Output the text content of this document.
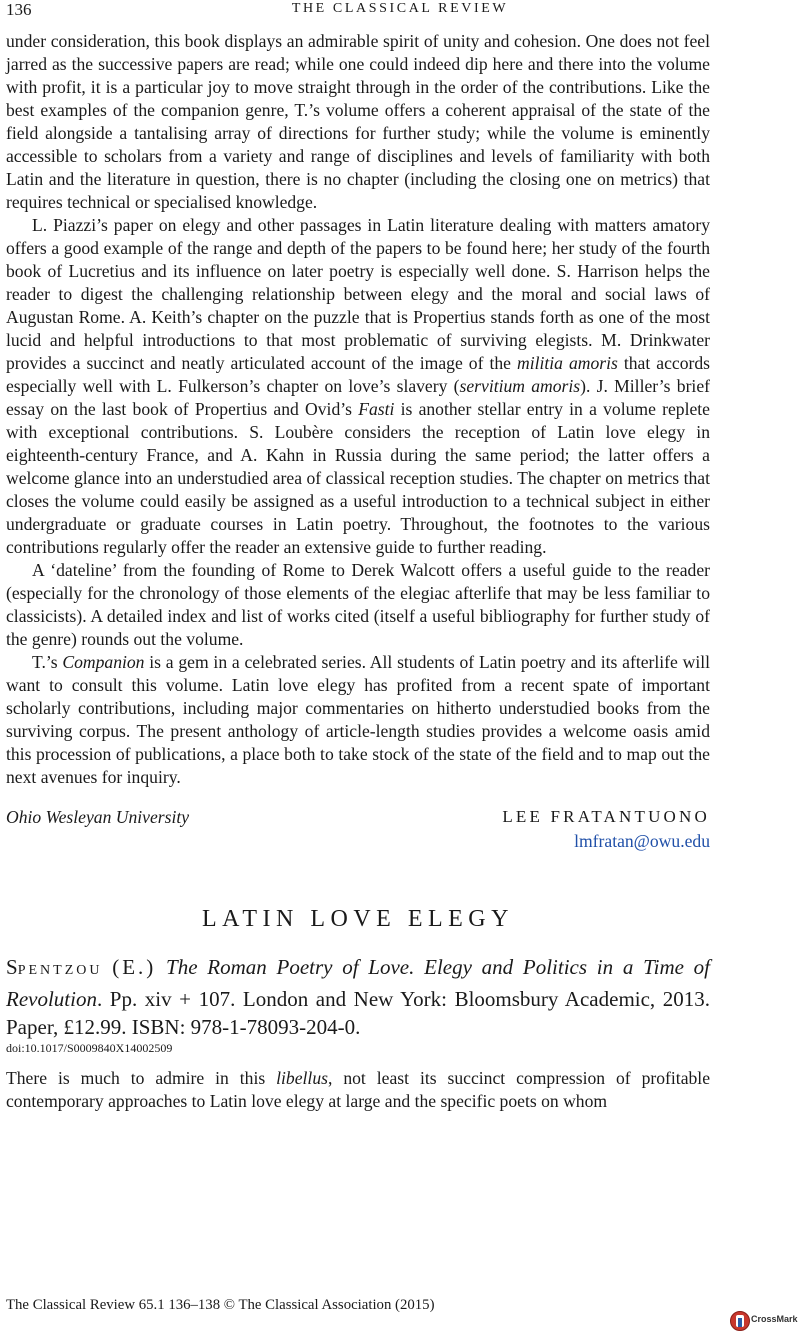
136	THE CLASSICAL REVIEW

under consideration, this book displays an admirable spirit of unity and cohesion. One does not feel jarred as the successive papers are read; while one could indeed dip here and there into the volume with profit, it is a particular joy to move straight through in the order of the contributions. Like the best examples of the companion genre, T.’s volume offers a coherent appraisal of the state of the field alongside a tantalising array of directions for further study; while the volume is eminently accessible to scholars from a variety and range of disciplines and levels of familiarity with both Latin and the literature in question, there is no chapter (including the closing one on metrics) that requires technical or specialised knowledge.

L. Piazzi’s paper on elegy and other passages in Latin literature dealing with matters amatory offers a good example of the range and depth of the papers to be found here; her study of the fourth book of Lucretius and its influence on later poetry is especially well done. S. Harrison helps the reader to digest the challenging relationship between elegy and the moral and social laws of Augustan Rome. A. Keith’s chapter on the puzzle that is Propertius stands forth as one of the most lucid and helpful introductions to that most problematic of surviving elegists. M. Drinkwater provides a succinct and neatly articulated account of the image of the militia amoris that accords especially well with L. Fulkerson’s chapter on love’s slavery (servitium amoris). J. Miller’s brief essay on the last book of Propertius and Ovid’s Fasti is another stellar entry in a volume replete with exceptional contributions. S. Loubère considers the reception of Latin love elegy in eighteenth-century France, and A. Kahn in Russia during the same period; the latter offers a welcome glance into an understudied area of classical reception studies. The chapter on metrics that closes the volume could easily be assigned as a useful introduction to a technical subject in either undergraduate or graduate courses in Latin poetry. Throughout, the footnotes to the various contributions regularly offer the reader an extensive guide to further reading.

A ‘dateline’ from the founding of Rome to Derek Walcott offers a useful guide to the reader (especially for the chronology of those elements of the elegiac afterlife that may be less familiar to classicists). A detailed index and list of works cited (itself a useful bibliography for further study of the genre) rounds out the volume.

T.’s Companion is a gem in a celebrated series. All students of Latin poetry and its afterlife will want to consult this volume. Latin love elegy has profited from a recent spate of important scholarly contributions, including major commentaries on hitherto understudied books from the surviving corpus. The present anthology of article-length studies provides a welcome oasis amid this procession of publications, a place both to take stock of the state of the field and to map out the next avenues for inquiry.

Ohio Wesleyan University	LEE FRATANTUONO
lmfratan@owu.edu
LATIN LOVE ELEGY
SPENTZOU (E.) The Roman Poetry of Love. Elegy and Politics in a Time of Revolution. Pp. xiv + 107. London and New York: Bloomsbury Academic, 2013. Paper, £12.99. ISBN: 978-1-78093-204-0.
doi:10.1017/S0009840X14002509

There is much to admire in this libellus, not least its succinct compression of profitable contemporary approaches to Latin love elegy at large and the specific poets on whom

The Classical Review 65.1 136–138 © The Classical Association (2015)
CrossMark
